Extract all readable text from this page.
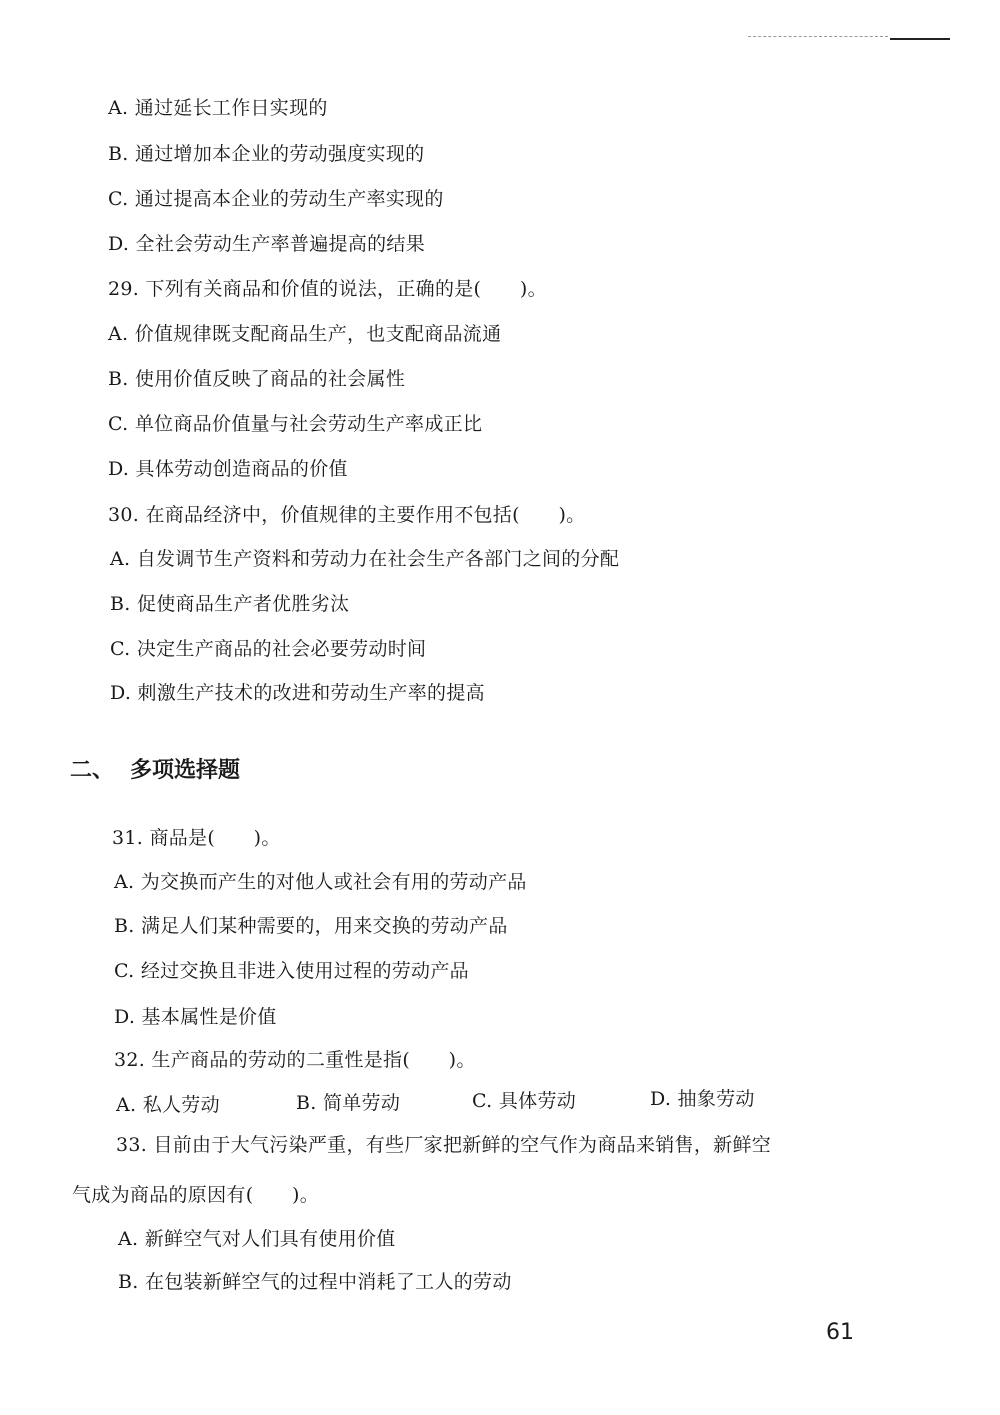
A. 通过延长工作日实现的
B. 通过增加本企业的劳动强度实现的
C. 通过提高本企业的劳动生产率实现的
D. 全社会劳动生产率普遍提高的结果
29. 下列有关商品和价值的说法，正确的是(　　)。
A. 价值规律既支配商品生产，也支配商品流通
B. 使用价值反映了商品的社会属性
C. 单位商品价值量与社会劳动生产率成正比
D. 具体劳动创造商品的价值
30. 在商品经济中，价值规律的主要作用不包括(　　)。
A. 自发调节生产资料和劳动力在社会生产各部门之间的分配
B. 促使商品生产者优胜劣汰
C. 决定生产商品的社会必要劳动时间
D. 刺激生产技术的改进和劳动生产率的提高
二、 多项选择题
31. 商品是(　　)。
A. 为交换而产生的对他人或社会有用的劳动产品
B. 满足人们某种需要的，用来交换的劳动产品
C. 经过交换且非进入使用过程的劳动产品
D. 基本属性是价值
32. 生产商品的劳动的二重性是指(　　)。
A. 私人劳动	B. 简单劳动	C. 具体劳动	D. 抽象劳动
33. 目前由于大气污染严重，有些厂家把新鲜的空气作为商品来销售，新鲜空
气成为商品的原因有(　　)。
A. 新鲜空气对人们具有使用价值
B. 在包装新鲜空气的过程中消耗了工人的劳动
61
